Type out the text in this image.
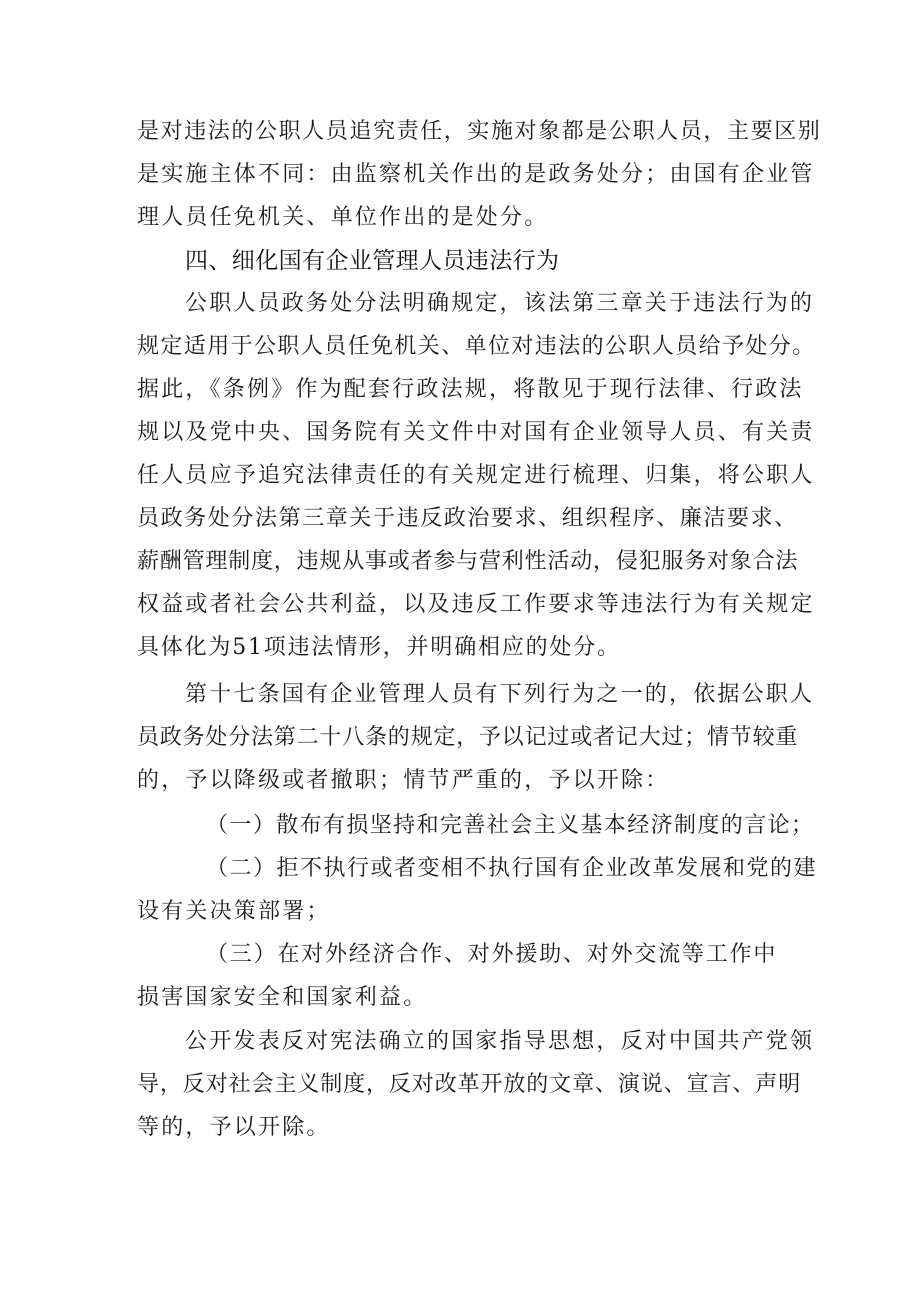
是对违法的公职人员追究责任，实施对象都是公职人员，主要区别
是实施主体不同：由监察机关作出的是政务处分；由国有企业管
理人员任免机关、单位作出的是处分。
四、细化国有企业管理人员违法行为
公职人员政务处分法明确规定，该法第三章关于违法行为的
规定适用于公职人员任免机关、单位对违法的公职人员给予处分。
据此，《条例》作为配套行政法规，将散见于现行法律、行政法
规以及党中央、国务院有关文件中对国有企业领导人员、有关责
任人员应予追究法律责任的有关规定进行梳理、归集，将公职人
员政务处分法第三章关于违反政治要求、组织程序、廉洁要求、
薪酬管理制度，违规从事或者参与营利性活动，侵犯服务对象合法
权益或者社会公共利益，以及违反工作要求等违法行为有关规定
具体化为51项违法情形，并明确相应的处分。
第十七条国有企业管理人员有下列行为之一的，依据公职人
员政务处分法第二十八条的规定，予以记过或者记大过；情节较重
的，予以降级或者撤职；情节严重的，予以开除：
（一）散布有损坚持和完善社会主义基本经济制度的言论；
（二）拒不执行或者变相不执行国有企业改革发展和党的建
设有关决策部署；
（三）在对外经济合作、对外援助、对外交流等工作中
损害国家安全和国家利益。
公开发表反对宪法确立的国家指导思想，反对中国共产党领
导，反对社会主义制度，反对改革开放的文章、演说、宣言、声明
等的，予以开除。
